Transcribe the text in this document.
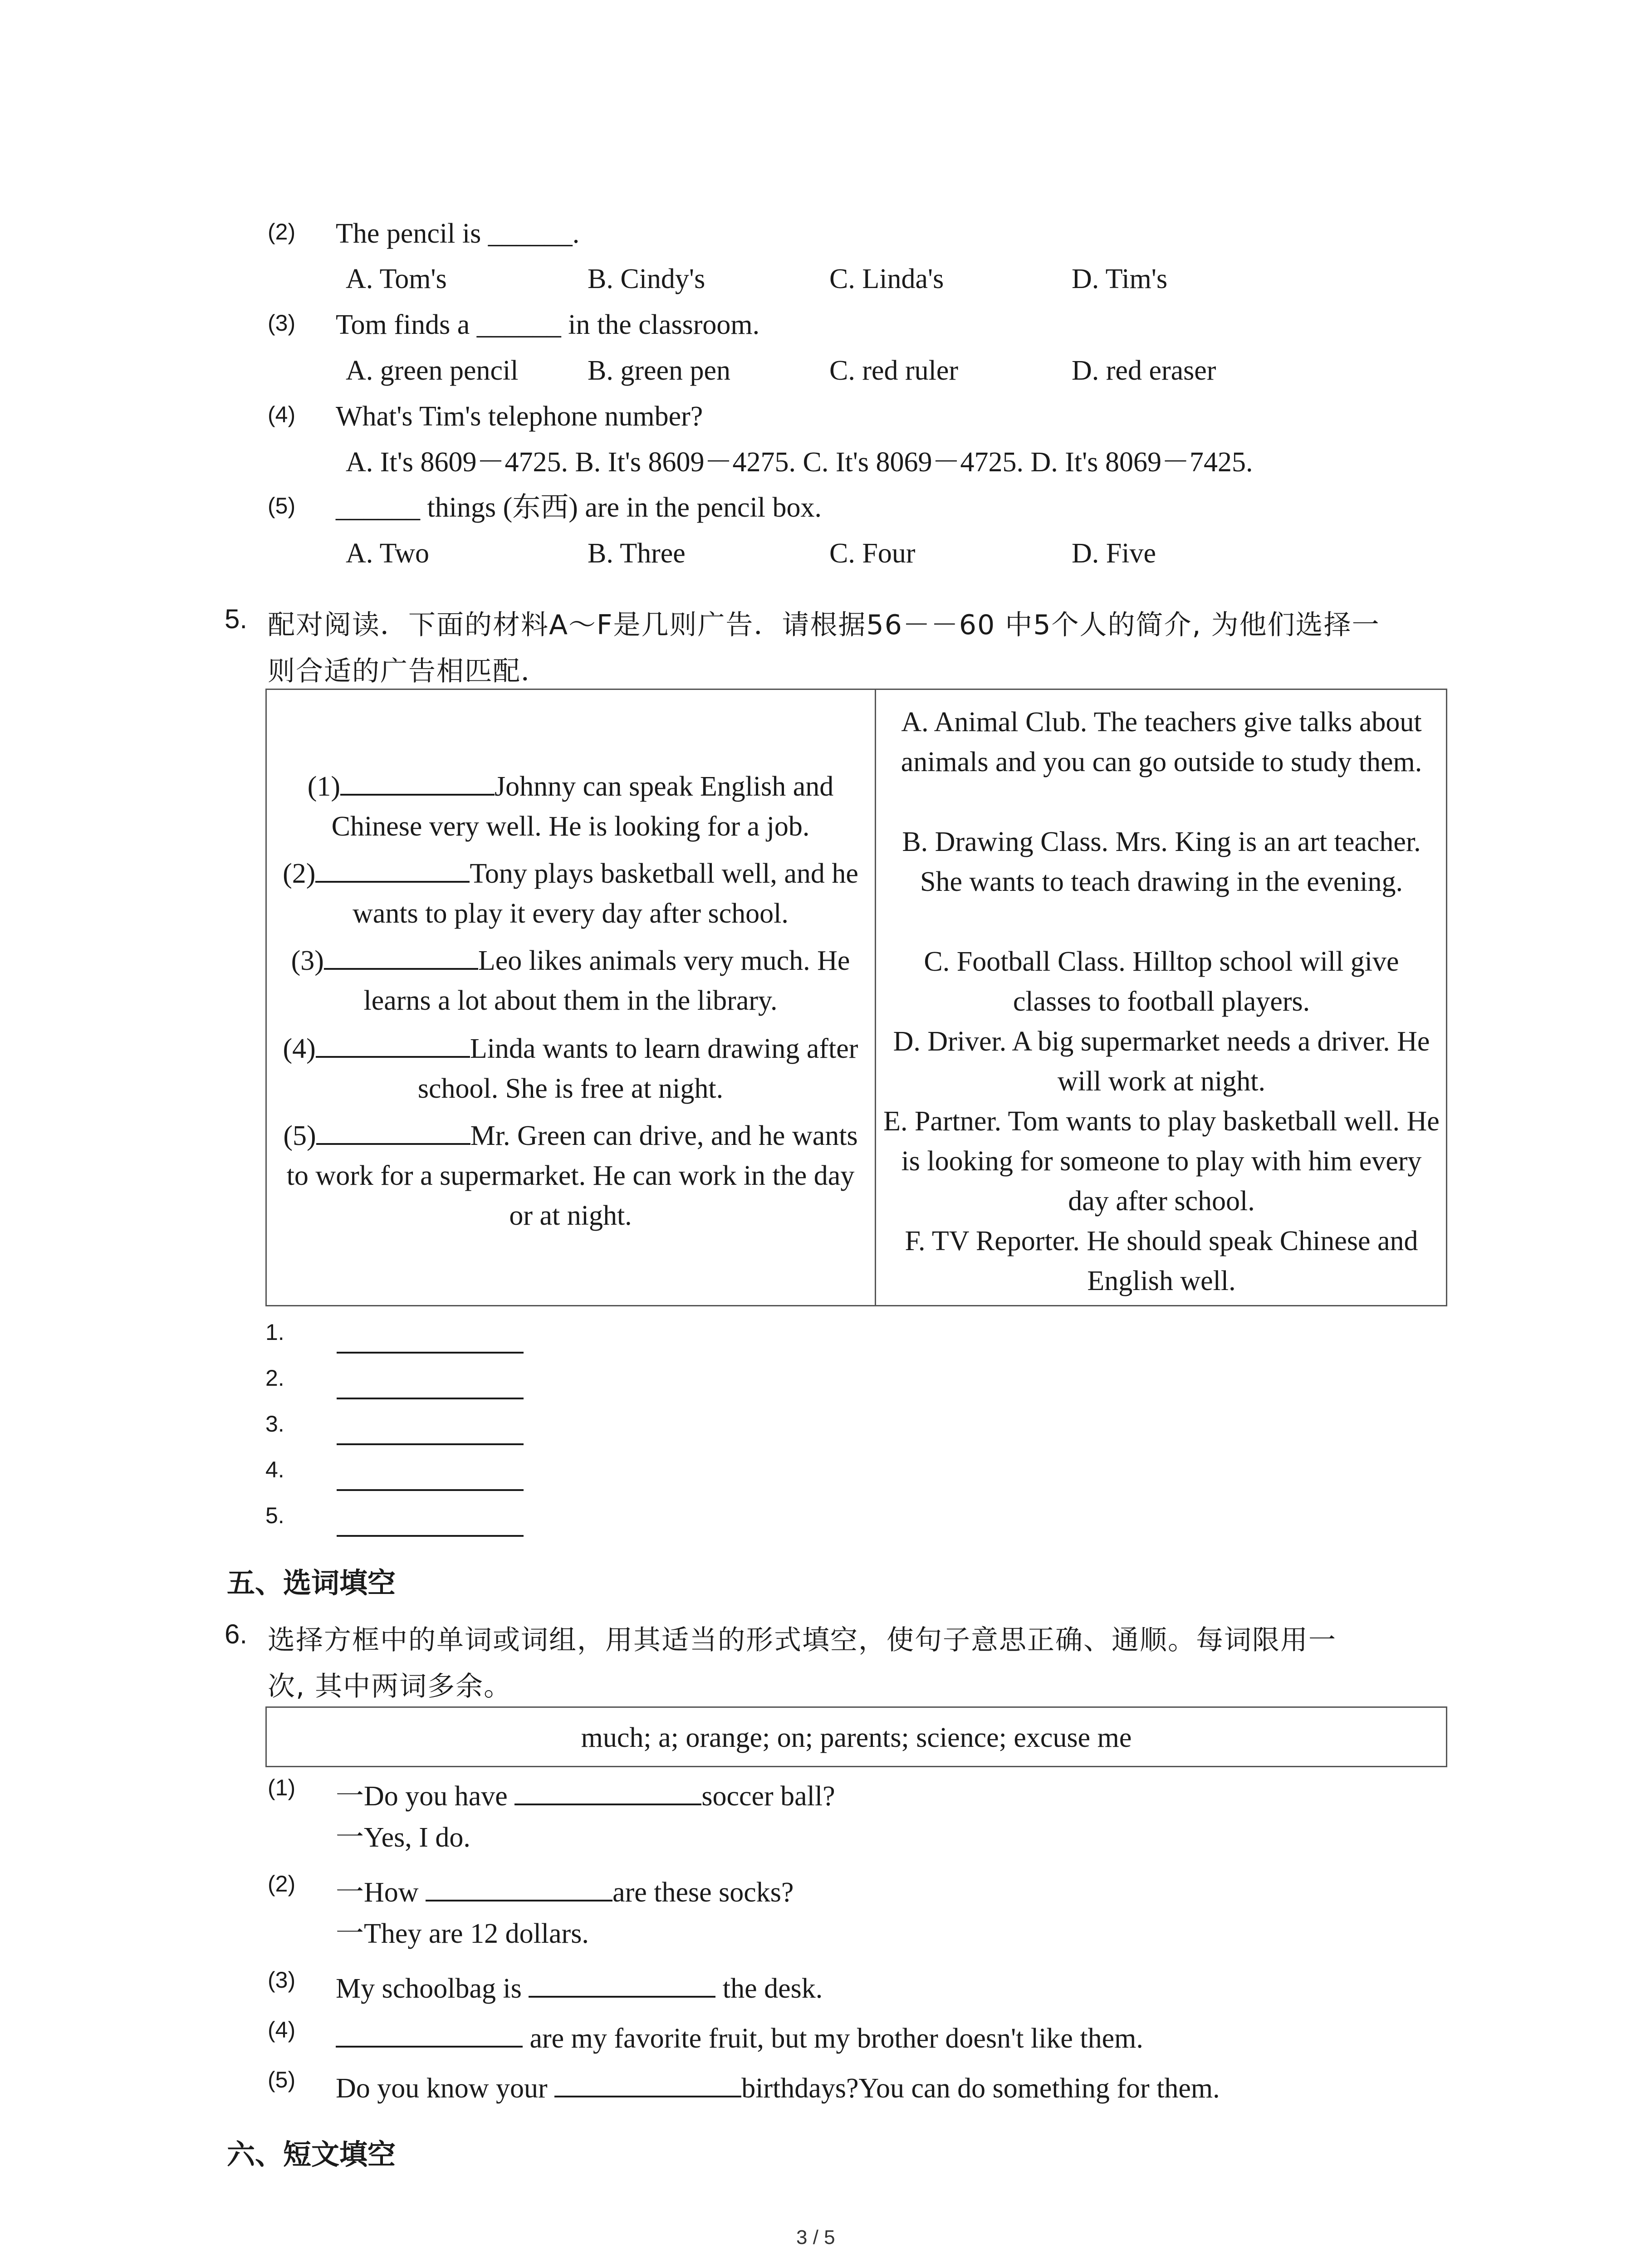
(2) The pencil is ______.
A. Tom's	B. Cindy's	C. Linda's	D. Tim's
(3) Tom finds a ______ in the classroom.
A. green pencil B. green pen	C. red ruler	D. red eraser
(4) What's Tim's telephone number?
A. It's 8609－4725. B. It's 8609－4275. C. It's 8069－4725. D. It's 8069－7425.
(5) ______ things (东西) are in the pencil box.
A. Two	B. Three	C. Four	D. Five
5. 配对阅读．下面的材料A～F是几则广告．请根据56－－60 中5个人的简介, 为他们选择一
则合适的广告相匹配．
(1)	Johnny can speak English and Chinese very well. He is looking for a job.
(2)	Tony plays basketball well, and he wants to play it every day after school.
(3)	Leo likes animals very much. He learns a lot about them in the library.
(4)	Linda wants to learn drawing after school. She is free at night.
(5)	Mr. Green can drive, and he wants to work for a supermarket. He can work in the day or at night.
A. Animal Club. The teachers give talks about animals and you can go outside to study them.
B. Drawing Class. Mrs. King is an art teacher. She wants to teach drawing in the evening.
C. Football Class. Hilltop school will give classes to football players.
D. Driver. A big supermarket needs a driver. He will work at night.
E. Partner. Tom wants to play basketball well. He is looking for someone to play with him every day after school.
F. TV Reporter. He should speak Chinese and English well.
1.
2.
3.
4.
5.
五、选词填空
6. 选择方框中的单词或词组，用其适当的形式填空，使句子意思正确、通顺。每词限用一
次, 其中两词多余。
much; a; orange; on; parents; science; excuse me
(1) 一Do you have	soccer ball?
一Yes, I do.
(2) 一How	are these socks?
一They are 12 dollars.
(3) My schoolbag is	the desk.
(4)	are my favorite fruit, but my brother doesn't like them.
(5) Do you know your	birthdays?You can do something for them.
六、短文填空
3 / 5
